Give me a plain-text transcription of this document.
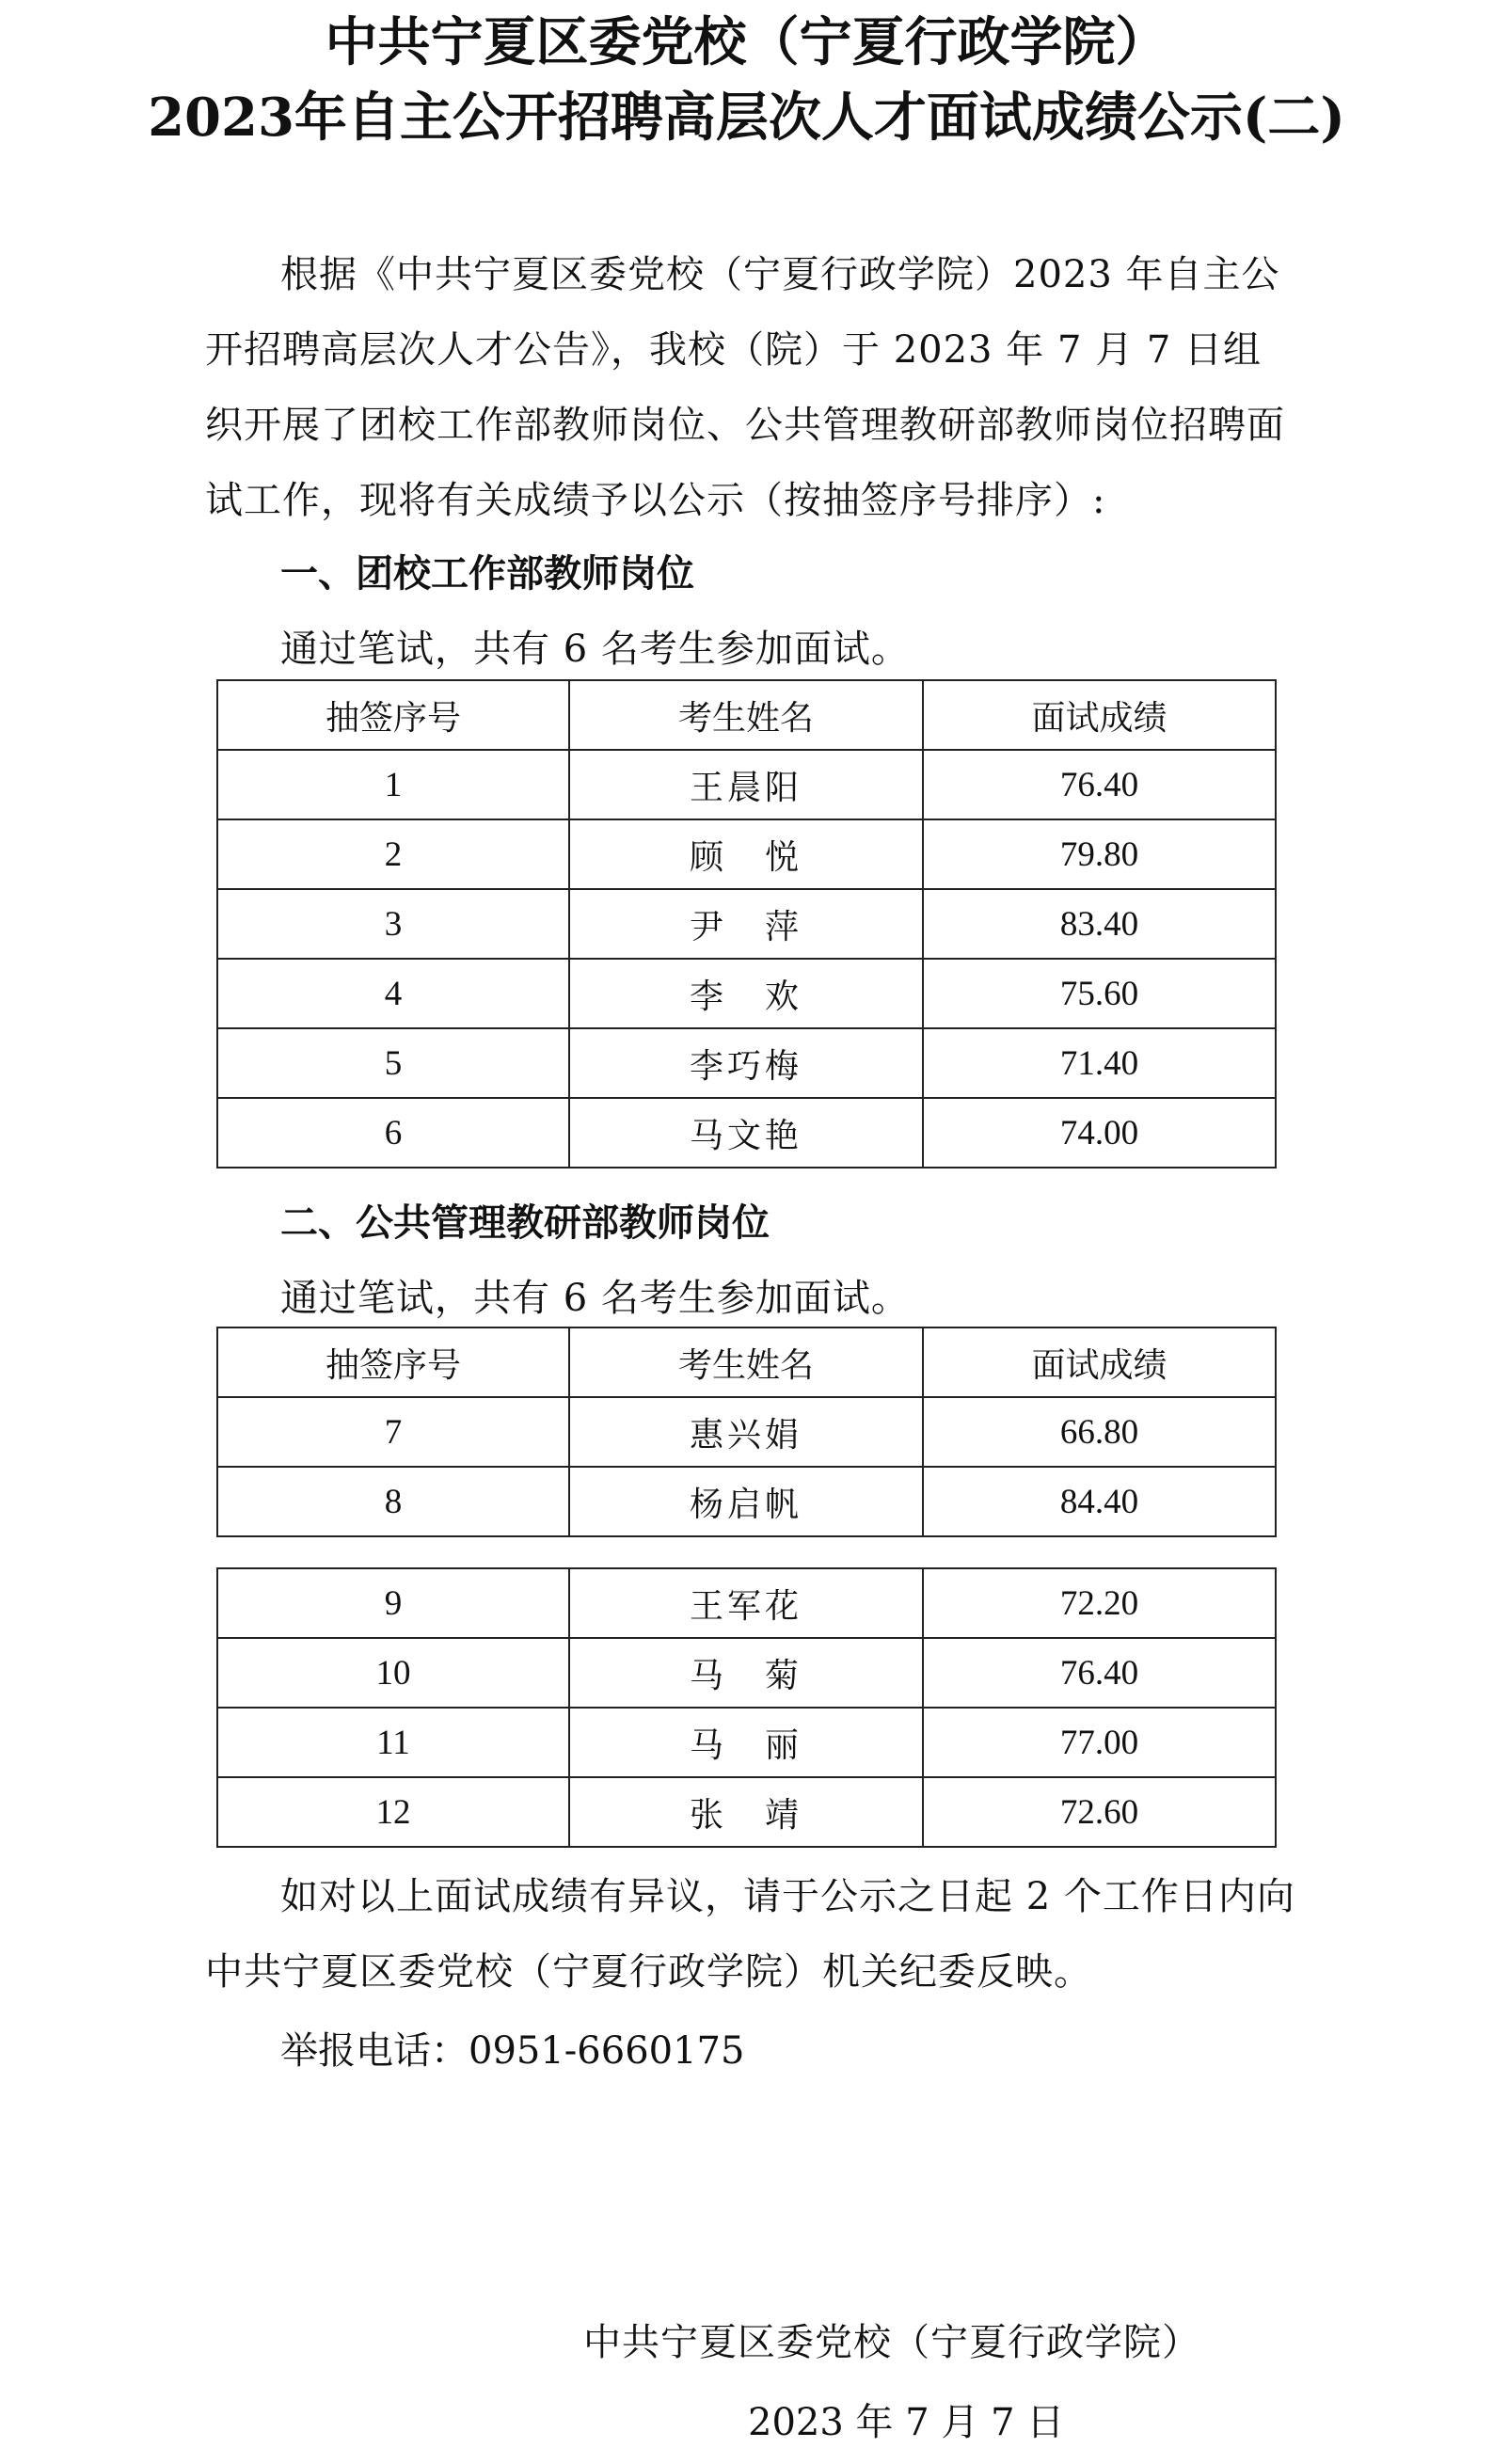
中共宁夏区委党校（宁夏行政学院）
2023年自主公开招聘高层次人才面试成绩公示(二)

根据《中共宁夏区委党校（宁夏行政学院）2023 年自主公开招聘高层次人才公告》，我校（院）于 2023 年 7 月 7 日组织开展了团校工作部教师岗位、公共管理教研部教师岗位招聘面试工作，现将有关成绩予以公示（按抽签序号排序）:

一、团校工作部教师岗位

通过笔试，共有 6 名考生参加面试。

抽签序号	考生姓名	面试成绩
1	王晨阳	76.40
2	顾　悦	79.80
3	尹　萍	83.40
4	李　欢	75.60
5	李巧梅	71.40
6	马文艳	74.00

二、公共管理教研部教师岗位

通过笔试，共有 6 名考生参加面试。

抽签序号	考生姓名	面试成绩
7	惠兴娟	66.80
8	杨启帆	84.40
9	王军花	72.20
10	马　菊	76.40
11	马　丽	77.00
12	张　靖	72.60

如对以上面试成绩有异议，请于公示之日起 2 个工作日内向中共宁夏区委党校（宁夏行政学院）机关纪委反映。

举报电话：0951-6660175

中共宁夏区委党校（宁夏行政学院）

2023 年 7 月 7 日
